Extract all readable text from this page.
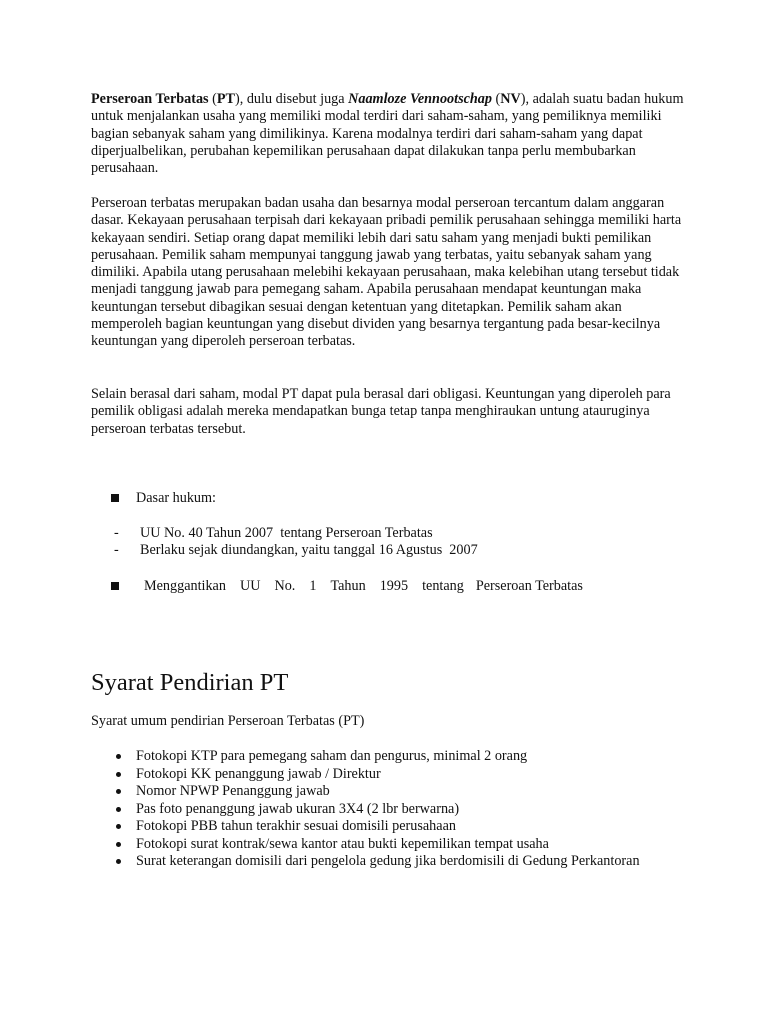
Perseroan Terbatas (PT), dulu disebut juga Naamloze Vennootschap (NV), adalah suatu badan hukum untuk menjalankan usaha yang memiliki modal terdiri dari saham-saham, yang pemiliknya memiliki bagian sebanyak saham yang dimilikinya. Karena modalnya terdiri dari saham-saham yang dapat diperjualbelikan, perubahan kepemilikan perusahaan dapat dilakukan tanpa perlu membubarkan perusahaan.

Perseroan terbatas merupakan badan usaha dan besarnya modal perseroan tercantum dalam anggaran dasar. Kekayaan perusahaan terpisah dari kekayaan pribadi pemilik perusahaan sehingga memiliki harta kekayaan sendiri. Setiap orang dapat memiliki lebih dari satu saham yang menjadi bukti pemilikan perusahaan. Pemilik saham mempunyai tanggung jawab yang terbatas, yaitu sebanyak saham yang dimiliki. Apabila utang perusahaan melebihi kekayaan perusahaan, maka kelebihan utang tersebut tidak menjadi tanggung jawab para pemegang saham. Apabila perusahaan mendapat keuntungan maka keuntungan tersebut dibagikan sesuai dengan ketentuan yang ditetapkan. Pemilik saham akan memperoleh bagian keuntungan yang disebut dividen yang besarnya tergantung pada besar-kecilnya keuntungan yang diperoleh perseroan terbatas.

Selain berasal dari saham, modal PT dapat pula berasal dari obligasi. Keuntungan yang diperoleh para pemilik obligasi adalah mereka mendapatkan bunga tetap tanpa menghiraukan untung atauruginya perseroan terbatas tersebut.

Dasar hukum:
- UU No. 40 Tahun 2007  tentang Perseroan Terbatas
- Berlaku sejak diundangkan, yaitu tanggal 16 Agustus  2007
Menggantikan UU No. 1 Tahun 1995 tentang Perseroan Terbatas
Syarat Pendirian PT
Syarat umum pendirian Perseroan Terbatas (PT)
Fotokopi KTP para pemegang saham dan pengurus, minimal 2 orang
Fotokopi KK penanggung jawab / Direktur
Nomor NPWP Penanggung jawab
Pas foto penanggung jawab ukuran 3X4 (2 lbr berwarna)
Fotokopi PBB tahun terakhir sesuai domisili perusahaan
Fotokopi surat kontrak/sewa kantor atau bukti kepemilikan tempat usaha
Surat keterangan domisili dari pengelola gedung jika berdomisili di Gedung Perkantoran
